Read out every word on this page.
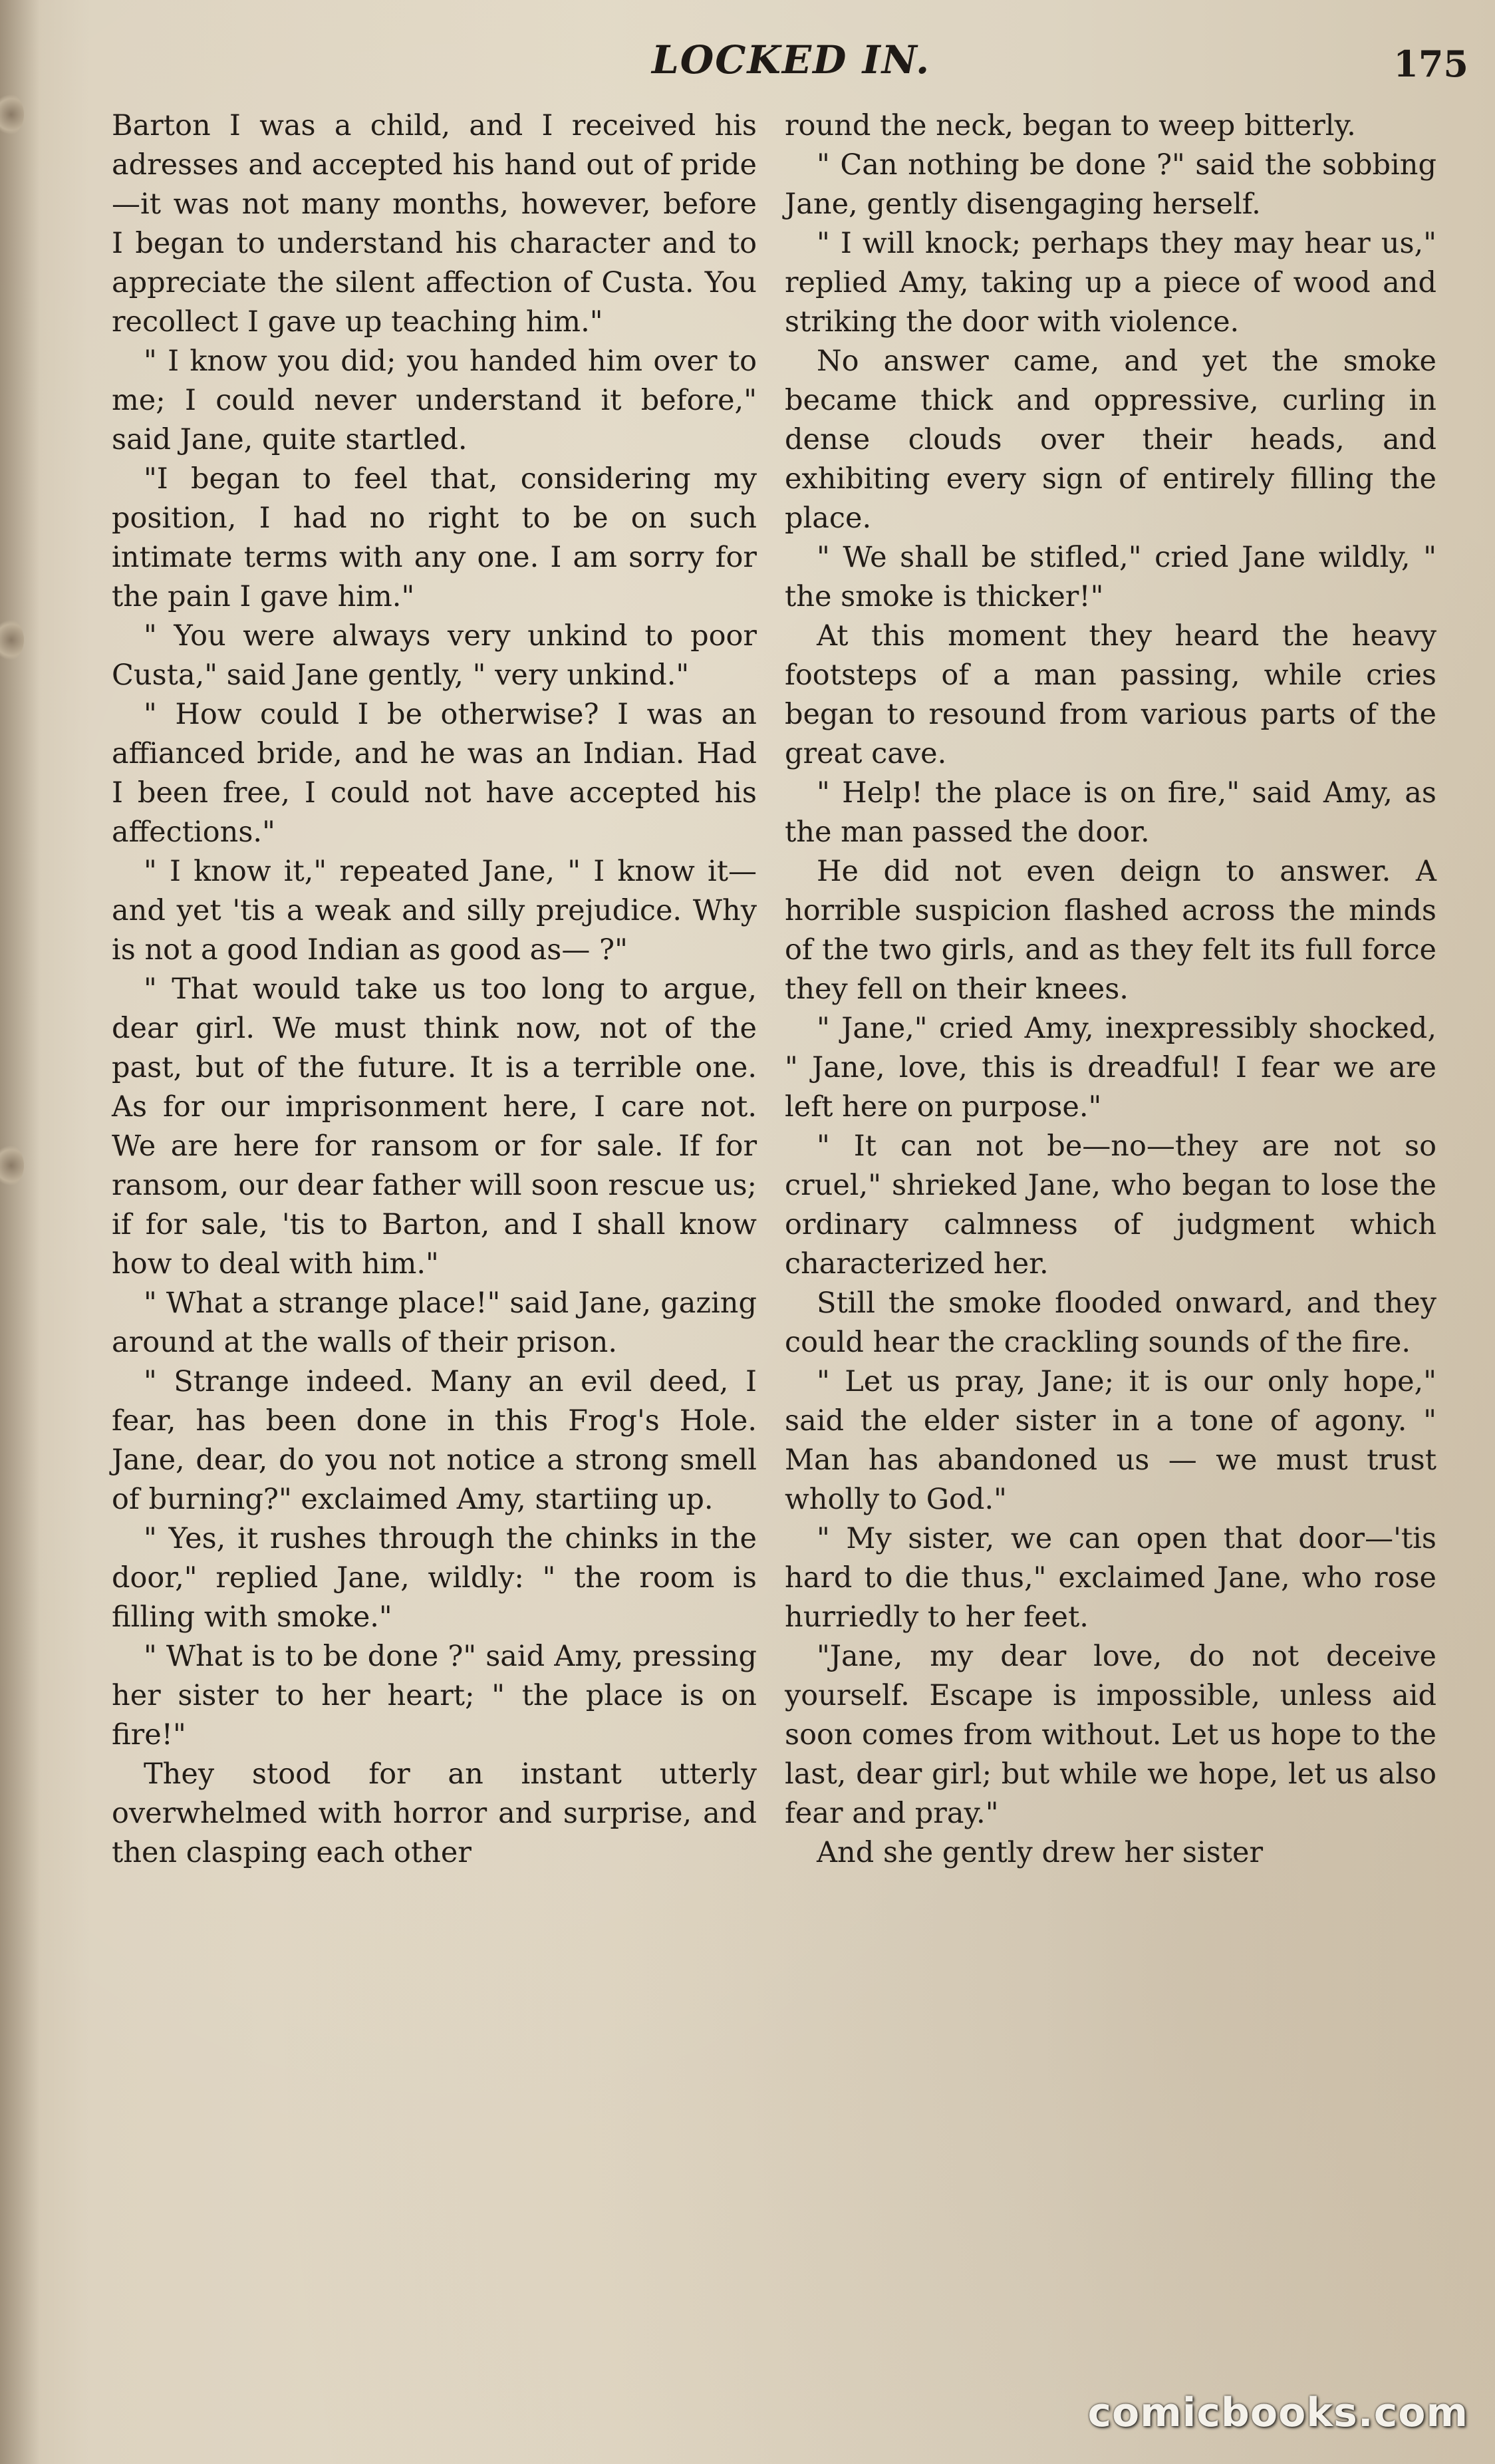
LOCKED IN.	175

Barton I was a child, and I received his adresses and accepted his hand out of pride—it was not many months, however, before I began to understand his character and to appreciate the silent affection of Custa. You recollect I gave up teaching him."

" I know you did; you handed him over to me; I could never understand it before," said Jane, quite startled.

"I began to feel that, considering my position, I had no right to be on such intimate terms with any one. I am sorry for the pain I gave him."

" You were always very unkind to poor Custa," said Jane gently, " very unkind."

" How could I be otherwise? I was an affianced bride, and he was an Indian. Had I been free, I could not have accepted his affections."

" I know it," repeated Jane, " I know it—and yet 'tis a weak and silly prejudice. Why is not a good Indian as good as— ?"

" That would take us too long to argue, dear girl. We must think now, not of the past, but of the future. It is a terrible one. As for our imprisonment here, I care not. We are here for ransom or for sale. If for ransom, our dear father will soon rescue us; if for sale, 'tis to Barton, and I shall know how to deal with him."

" What a strange place!" said Jane, gazing around at the walls of their prison.

" Strange indeed. Many an evil deed, I fear, has been done in this Frog's Hole. Jane, dear, do you not notice a strong smell of burning?" exclaimed Amy, startiing up.

" Yes, it rushes through the chinks in the door," replied Jane, wildly: " the room is filling with smoke."

" What is to be done ?" said Amy, pressing her sister to her heart; " the place is on fire!"

They stood for an instant utterly overwhelmed with horror and surprise, and then clasping each other

round the neck, began to weep bitterly.

" Can nothing be done ?" said the sobbing Jane, gently disengaging herself.

" I will knock; perhaps they may hear us," replied Amy, taking up a piece of wood and striking the door with violence.

No answer came, and yet the smoke became thick and oppressive, curling in dense clouds over their heads, and exhibiting every sign of entirely filling the place.

" We shall be stifled," cried Jane wildly, " the smoke is thicker!"

At this moment they heard the heavy footsteps of a man passing, while cries began to resound from various parts of the great cave.

" Help! the place is on fire," said Amy, as the man passed the door.

He did not even deign to answer. A horrible suspicion flashed across the minds of the two girls, and as they felt its full force they fell on their knees.

" Jane," cried Amy, inexpressibly shocked, " Jane, love, this is dreadful! I fear we are left here on purpose."

" It can not be—no—they are not so cruel," shrieked Jane, who began to lose the ordinary calmness of judgment which characterized her.

Still the smoke flooded onward, and they could hear the crackling sounds of the fire.

" Let us pray, Jane; it is our only hope," said the elder sister in a tone of agony. " Man has abandoned us — we must trust wholly to God."

" My sister, we can open that door—'tis hard to die thus," exclaimed Jane, who rose hurriedly to her feet.

"Jane, my dear love, do not deceive yourself. Escape is impossible, unless aid soon comes from without. Let us hope to the last, dear girl; but while we hope, let us also fear and pray."

And she gently drew her sister

comicbooks.com
